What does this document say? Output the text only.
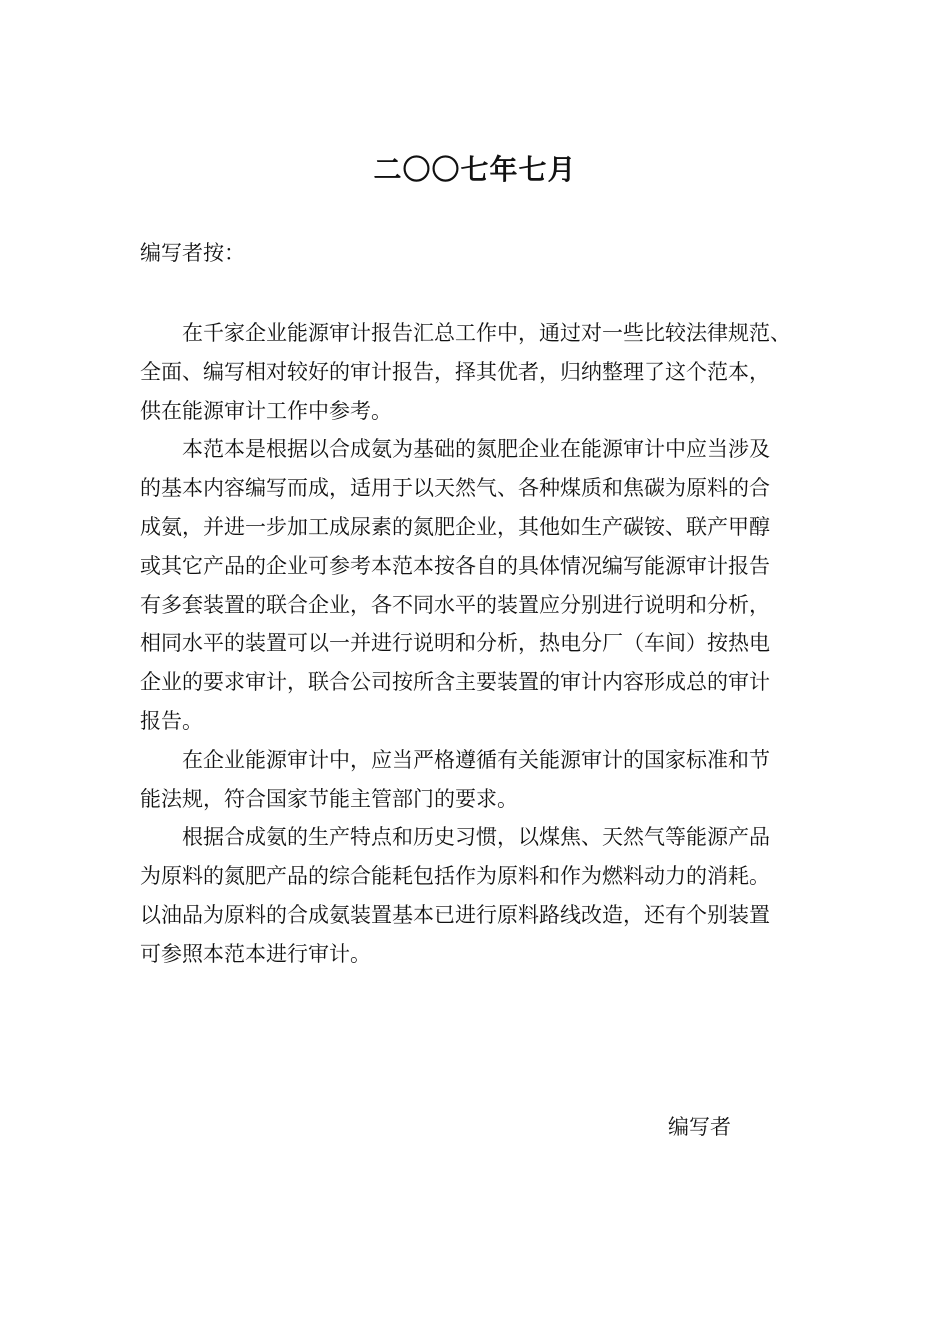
二〇〇七年七月

编写者按：

在千家企业能源审计报告汇总工作中，通过对一些比较法律规范、
全面、编写相对较好的审计报告，择其优者，归纳整理了这个范本，
供在能源审计工作中参考。

本范本是根据以合成氨为基础的氮肥企业在能源审计中应当涉及
的基本内容编写而成，适用于以天然气、各种煤质和焦碳为原料的合
成氨，并进一步加工成尿素的氮肥企业，其他如生产碳铵、联产甲醇
或其它产品的企业可参考本范本按各自的具体情况编写能源审计报告
有多套装置的联合企业，各不同水平的装置应分别进行说明和分析，
相同水平的装置可以一并进行说明和分析，热电分厂（车间）按热电
企业的要求审计，联合公司按所含主要装置的审计内容形成总的审计
报告。

在企业能源审计中，应当严格遵循有关能源审计的国家标准和节
能法规，符合国家节能主管部门的要求。

根据合成氨的生产特点和历史习惯，以煤焦、天然气等能源产品
为原料的氮肥产品的综合能耗包括作为原料和作为燃料动力的消耗。
以油品为原料的合成氨装置基本已进行原料路线改造，还有个别装置
可参照本范本进行审计。

编写者
